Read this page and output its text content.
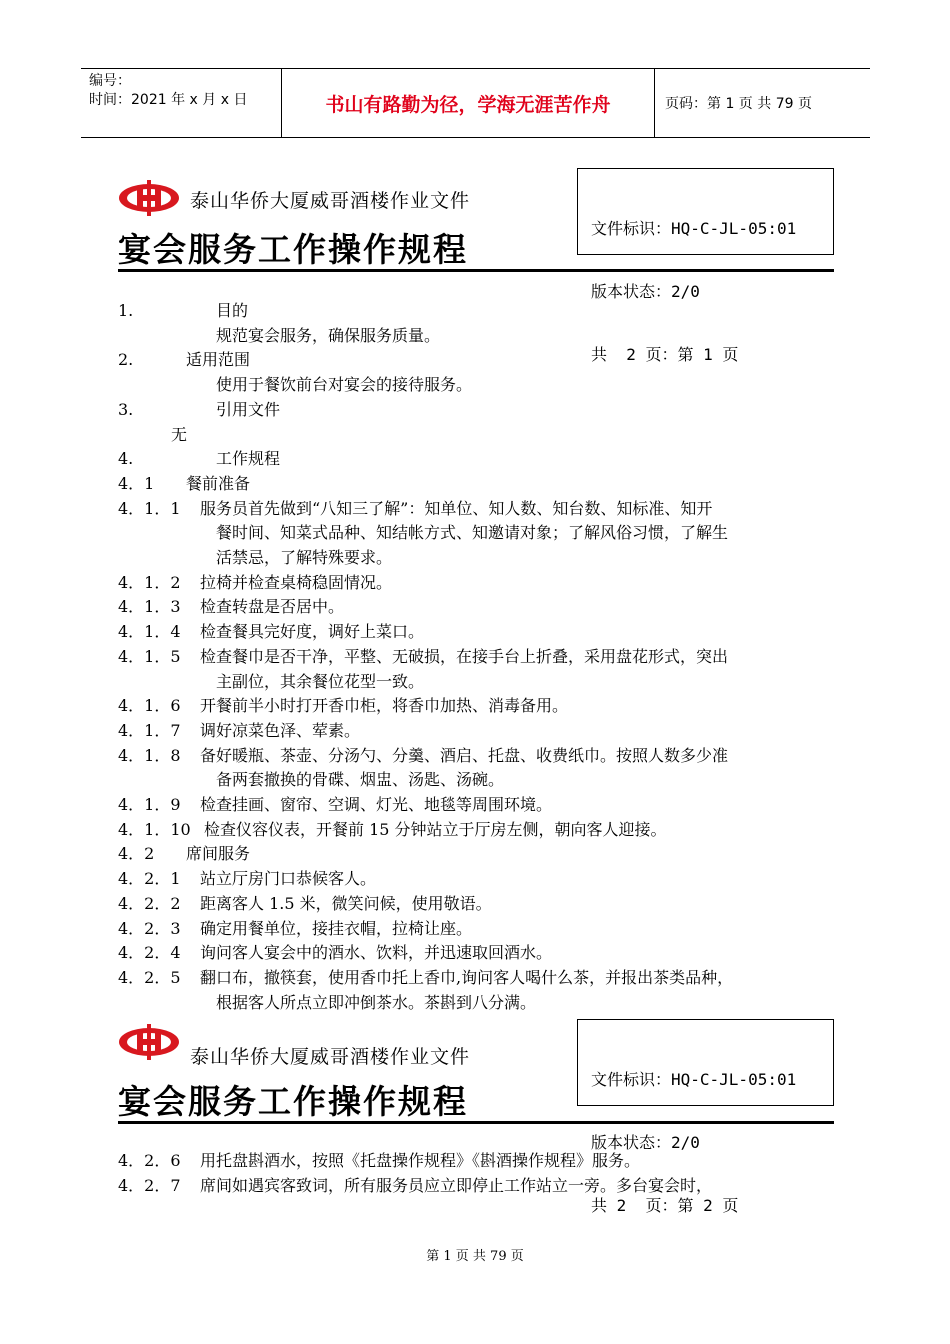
编号：
时间：2021 年 x 月 x 日	书山有路勤为径，学海无涯苦作舟	页码：第 1 页 共 79 页
泰山华侨大厦威哥酒楼作业文件
宴会服务工作操作规程

文件标识：HQ-C-JL-05:01

版本状态：2/0

共  2 页：第 1 页

1.	目的
规范宴会服务，确保服务质量。
2.	适用范围
使用于餐饮前台对宴会的接待服务。
3.	引用文件
无
4.	工作规程
4．1 餐前准备
4．1．1 服务员首先做到“八知三了解”：知单位、知人数、知台数、知标准、知开
餐时间、知菜式品种、知结帐方式、知邀请对象；了解风俗习惯，了解生
活禁忌，了解特殊要求。
4．1．2 拉椅并检查桌椅稳固情况。
4．1．3 检查转盘是否居中。
4．1．4 检查餐具完好度，调好上菜口。
4．1．5 检查餐巾是否干净，平整、无破损，在接手台上折叠，采用盘花形式，突出
主副位，其余餐位花型一致。
4．1．6 开餐前半小时打开香巾柜，将香巾加热、消毒备用。
4．1．7 调好凉菜色泽、荤素。
4．1．8 备好暖瓶、茶壶、分汤勺、分羹、酒启、托盘、收费纸巾。按照人数多少准
备两套撤换的骨碟、烟盅、汤匙、汤碗。
4．1．9 检查挂画、窗帘、空调、灯光、地毯等周围环境。
4．1．10 检查仪容仪表，开餐前 15 分钟站立于厅房左侧，朝向客人迎接。
4．2 席间服务
4．2．1 站立厅房门口恭候客人。
4．2．2 距离客人 1.5 米，微笑问候，使用敬语。
4．2．3 确定用餐单位，接挂衣帽，拉椅让座。
4．2．4 询问客人宴会中的酒水、饮料，并迅速取回酒水。
4．2．5 翻口布，撤筷套，使用香巾托上香巾,询问客人喝什么茶，并报出茶类品种，
根据客人所点立即冲倒茶水。茶斟到八分满。
泰山华侨大厦威哥酒楼作业文件
宴会服务工作操作规程

文件标识：HQ-C-JL-05:01

版本状态：2/0

共 2  页：第 2 页

4．2．6 用托盘斟酒水，按照《托盘操作规程》《斟酒操作规程》服务。
4．2．7 席间如遇宾客致词，所有服务员应立即停止工作站立一旁。多台宴会时，
第 1 页 共 79 页
